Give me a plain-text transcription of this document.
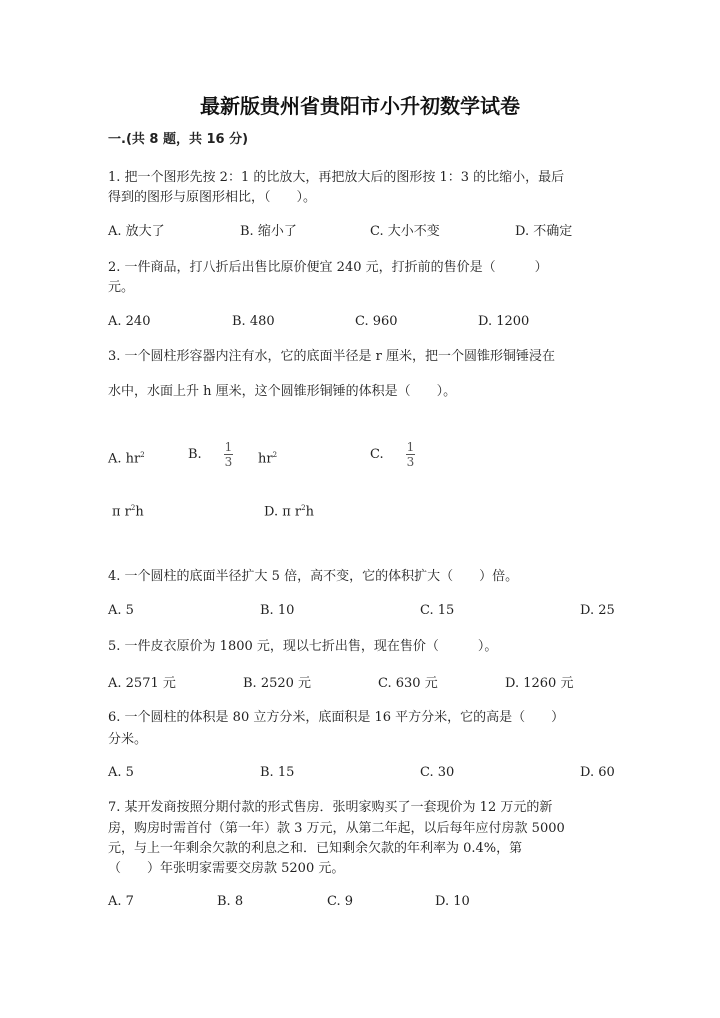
最新版贵州省贵阳市小升初数学试卷
一.(共 8 题，共 16 分)
1. 把一个图形先按 2：1 的比放大，再把放大后的图形按 1：3 的比缩小，最后
得到的图形与原图形相比，（　　）。
A. 放大了	B. 缩小了	C. 大小不变	D. 不确定
2. 一件商品，打八折后出售比原价便宜 240 元，打折前的售价是（　　　）
元。
A. 240	B. 480	C. 960	D. 1200
3. 一个圆柱形容器内注有水，它的底面半径是 r 厘米，把一个圆锥形铜锤浸在
水中，水面上升 h 厘米，这个圆锥形铜锤的体积是（　　）。
A. $hr^2$	B. 1
3 $hr^2$	C. 1
3
π $r^2h$	D. π $r^2h$
4. 一个圆柱的底面半径扩大 5 倍，高不变，它的体积扩大（　　）倍。
A. 5	B. 10	C. 15	D. 25
5. 一件皮衣原价为 1800 元，现以七折出售，现在售价（　　　）。
A. 2571 元	B. 2520 元	C. 630 元	D. 1260 元
6. 一个圆柱的体积是 80 立方分米，底面积是 16 平方分米，它的高是（　　）
分米。
A. 5	B. 15	C. 30	D. 60
7. 某开发商按照分期付款的形式售房．张明家购买了一套现价为 12 万元的新
房，购房时需首付（第一年）款 3 万元，从第二年起，以后每年应付房款 5000
元，与上一年剩余欠款的利息之和．已知剩余欠款的年利率为 0.4%，第
（　　）年张明家需要交房款 5200 元。
A. 7	B. 8	C. 9	D. 10
